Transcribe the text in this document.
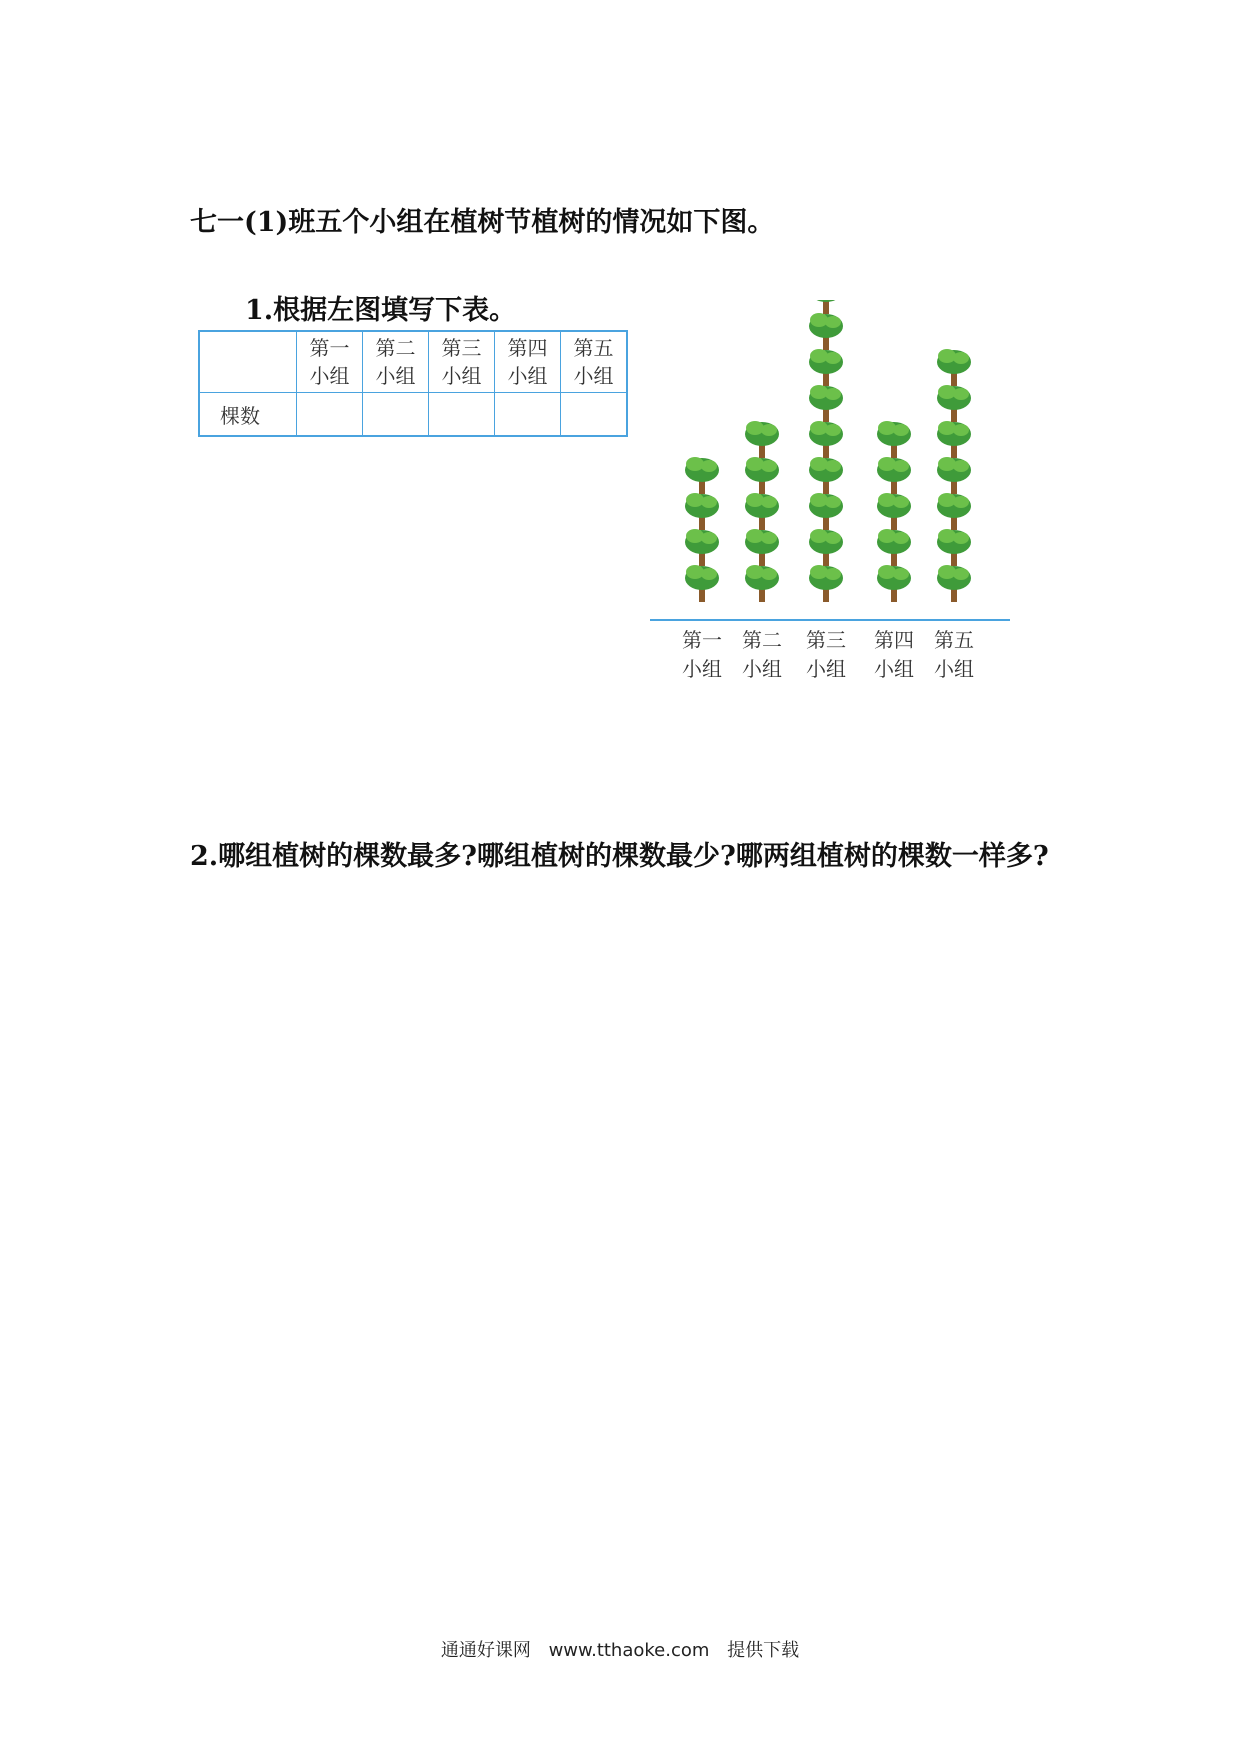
七一(1)班五个小组在植树节植树的情况如下图。
1.根据左图填写下表。
	第一
小组	第二
小组	第三
小组	第四
小组	第五
小组
棵数					
第一
小组
第二
小组
第三
小组
第四
小组
第五
小组
2.哪组植树的棵数最多?哪组植树的棵数最少?哪两组植树的棵数一样多?
通通好课网 www.tthaoke.com 提供下载
